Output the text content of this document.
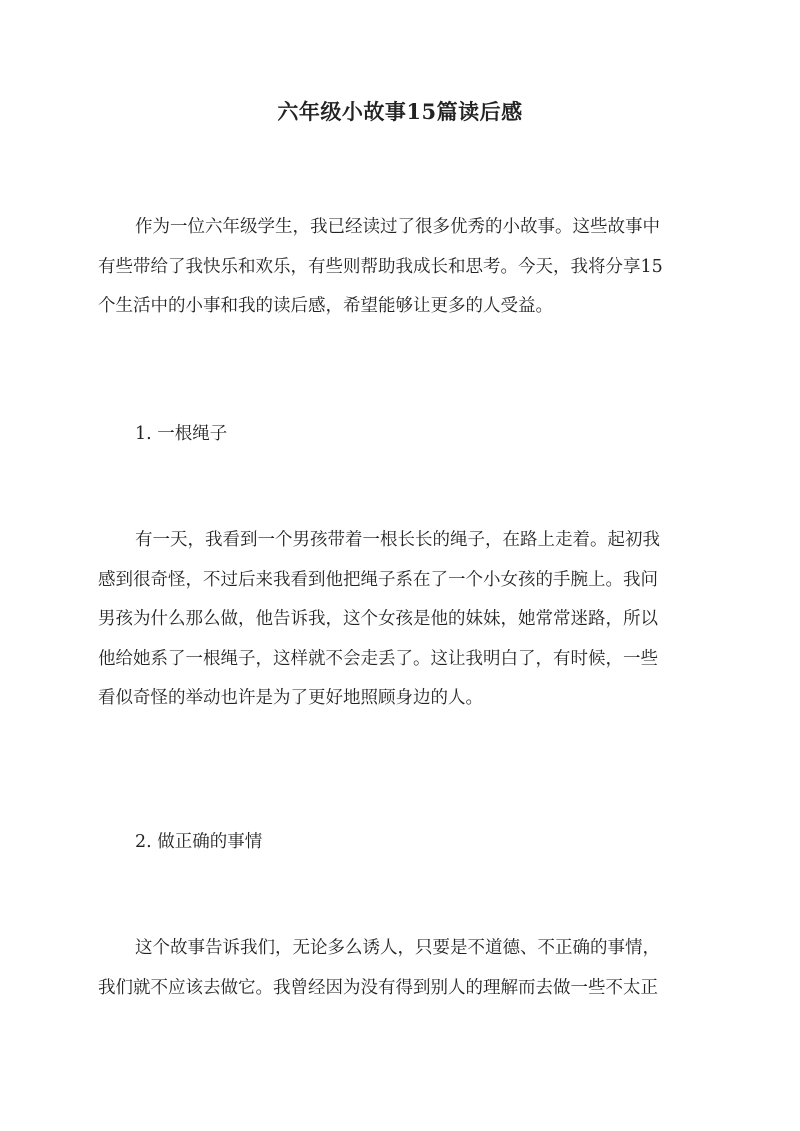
六年级小故事15篇读后感
作为一位六年级学生，我已经读过了很多优秀的小故事。这些故事中
有些带给了我快乐和欢乐，有些则帮助我成长和思考。今天，我将分享15
个生活中的小事和我的读后感，希望能够让更多的人受益。
1. 一根绳子
有一天，我看到一个男孩带着一根长长的绳子，在路上走着。起初我
感到很奇怪，不过后来我看到他把绳子系在了一个小女孩的手腕上。我问
男孩为什么那么做，他告诉我，这个女孩是他的妹妹，她常常迷路，所以
他给她系了一根绳子，这样就不会走丢了。这让我明白了，有时候，一些
看似奇怪的举动也许是为了更好地照顾身边的人。
2. 做正确的事情
这个故事告诉我们，无论多么诱人，只要是不道德、不正确的事情，
我们就不应该去做它。我曾经因为没有得到别人的理解而去做一些不太正
